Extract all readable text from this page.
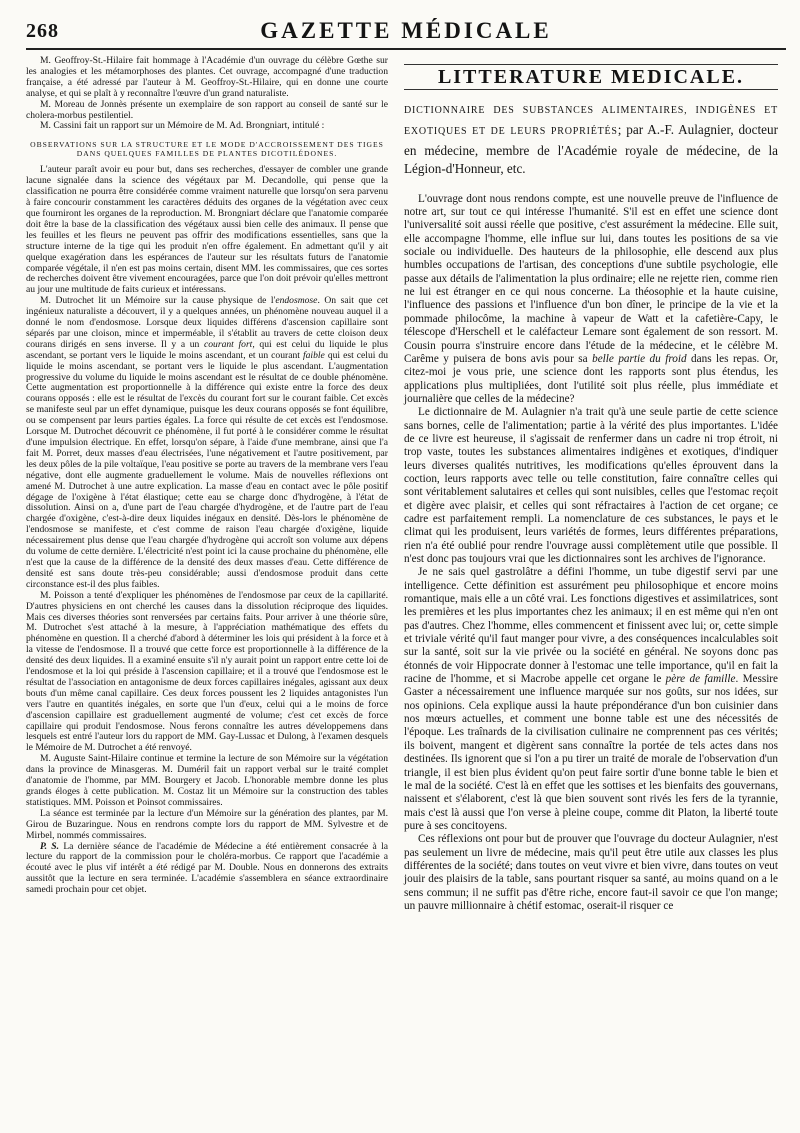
268	GAZETTE MÉDICALE

M. Geoffroy-St.-Hilaire fait hommage à l'Académie d'un ouvrage du célèbre Gœthe sur les analogies et les métamorphoses des plantes. Cet ouvrage, accompagné d'une traduction française, a été adressé par l'auteur à M. Geoffroy-St.-Hilaire, qui en donne une courte analyse, et qui se plaît à y reconnaître l'œuvre d'un grand naturaliste.

M. Moreau de Jonnès présente un exemplaire de son rapport au conseil de santé sur le cholera-morbus pestilentiel.

M. Cassini fait un rapport sur un Mémoire de M. Ad. Brongniart, intitulé :

OBSERVATIONS SUR LA STRUCTURE ET LE MODE D'ACCROISSEMENT DES TIGES DANS QUELQUES FAMILLES DE PLANTES DICOTILÉDONES.

L'auteur paraît avoir eu pour but, dans ses recherches, d'essayer de combler une grande lacune signalée dans la science des végétaux par M. Decandolle, qui pense que la classification ne pourra être considérée comme vraiment naturelle que lorsqu'on sera parvenu à faire concourir constamment les caractères déduits des organes de la végétation avec ceux que fourniront les organes de la reproduction. M. Brongniart déclare que l'anatomie comparée doit être la base de la classification des végétaux aussi bien celle des animaux. Il pense que les feuilles et les fleurs ne peuvent pas offrir des modifications essentielles, sans que la structure interne de la tige qui les produit n'en offre également. En admettant qu'il y ait quelque exagération dans les espérances de l'auteur sur les résultats futurs de l'anatomie comparée végétale, il n'en est pas moins certain, disent MM. les commissaires, que ces sortes de recherches doivent être vivement encouragées, parce que l'on doit prévoir qu'elles mettront au jour une multitude de faits curieux et intéressans.

M. Dutrochet lit un Mémoire sur la cause physique de l'endosmose. On sait que cet ingénieux naturaliste a découvert, il y a quelques années, un phénomène nouveau auquel il a donné le nom d'endosmose. Lorsque deux liquides différens d'ascension capillaire sont séparés par une cloison, mince et imperméable, il s'établit au travers de cette cloison deux courans dirigés en sens inverse. Il y a un courant fort, qui est celui du liquide le plus ascendant, se portant vers le liquide le moins ascendant, et un courant faible qui est celui du liquide le moins ascendant, se portant vers le liquide le plus ascendant. L'augmentation progressive du volume du liquide le moins ascendant est le résultat de ce double phénomène. Cette augmentation est proportionnelle à la différence qui existe entre la force des deux courans opposés : elle est le résultat de l'excès du courant fort sur le courant faible. Cet excès se manifeste seul par un effet dynamique, puisque les deux courans opposés se font équilibre, ou se compensent par leurs parties égales. La force qui résulte de cet excès est l'endosmose. Lorsque M. Dutrochet découvrit ce phénomène, il fut porté à le considérer comme le résultat d'une impulsion électrique. En effet, lorsqu'on sépare, à l'aide d'une membrane, ainsi que l'a fait M. Porret, deux masses d'eau électrisées, l'une négativement et l'autre positivement, par les deux pôles de la pile voltaïque, l'eau positive se porte au travers de la membrane vers l'eau négative, dont elle augmente graduellement le volume. Mais de nouvelles réflexions ont amené M. Dutrochet à une autre explication. La masse d'eau en contact avec le pôle positif dégage de l'oxigène à l'état élastique; cette eau se charge donc d'hydrogène, à l'état de dissolution. Ainsi on a, d'une part de l'eau chargée d'hydrogène, et de l'autre part de l'eau chargée d'oxigène, c'est-à-dire deux liquides inégaux en densité. Dès-lors le phénomène de l'endosmose se manifeste, et c'est comme de raison l'eau chargée d'oxigène, liquide nécessairement plus dense que l'eau chargée d'hydrogène qui accroît son volume aux dépens du volume de cette dernière. L'électricité n'est point ici la cause prochaine du phénomène, elle n'est que la cause de la différence de la densité des deux masses d'eau. Cette différence de densité est sans doute très-peu considérable; aussi d'endosmose produit dans cette circonstance est-il des plus faibles.

M. Poisson a tenté d'expliquer les phénomènes de l'endosmose par ceux de la capillarité. D'autres physiciens en ont cherché les causes dans la dissolution réciproque des liquides. Mais ces diverses théories sont renversées par certains faits. Pour arriver à une théorie sûre, M. Dutrochet s'est attaché à la mesure, à l'appréciation mathématique des effets du phénomène en question. Il a cherché d'abord à déterminer les lois qui président à la force et à la vitesse de l'endosmose. Il a trouvé que cette force est proportionnelle à la différence de la densité des deux liquides. Il a examiné ensuite s'il n'y aurait point un rapport entre cette loi de l'endosmose et la loi qui préside à l'ascension capillaire; et il a trouvé que l'endosmose est le résultat de l'association en antagonisme de deux forces capillaires inégales, agissant aux deux bouts d'un même canal capillaire. Ces deux forces poussent les 2 liquides antagonistes l'un vers l'autre en quantités inégales, en sorte que l'un d'eux, celui qui a le moins de force d'ascension capillaire est graduellement augmenté de volume; c'est cet excès de force capillaire qui produit l'endosmose. Nous ferons connaître les autres développemens dans lesquels est entré l'auteur lors du rapport de MM. Gay-Lussac et Dulong, à l'examen desquels le Mémoire de M. Dutrochet a été renvoyé.

M. Auguste Saint-Hilaire continue et termine la lecture de son Mémoire sur la végétation dans la province de Minasgeras. M. Duméril fait un rapport verbal sur le traité complet d'anatomie de l'homme, par MM. Bourgery et Jacob. L'honorable membre donne les plus grands éloges à cette publication. M. Costaz lit un Mémoire sur la construction des tables statistiques. MM. Poisson et Poinsot commissaires.

La séance est terminée par la lecture d'un Mémoire sur la génération des plantes, par M. Girou de Buzaringue. Nous en rendrons compte lors du rapport de MM. Sylvestre et de Mirbel, nommés commissaires.

P. S. La dernière séance de l'académie de Médecine a été entièrement consacrée à la lecture du rapport de la commission pour le choléra-morbus. Ce rapport que l'académie a écouté avec le plus vif intérêt a été rédigé par M. Double. Nous en donnerons des extraits aussitôt que la lecture en sera terminée. L'académie s'assemblera en séance extraordinaire samedi prochain pour cet objet.

LITTERATURE MEDICALE.

DICTIONNAIRE DES SUBSTANCES ALIMENTAIRES, INDIGÈNES ET EXOTIQUES ET DE LEURS PROPRIÉTÉS; par A.-F. Aulagnier, docteur en médecine, membre de l'Académie royale de médecine, de la Légion-d'Honneur, etc.

L'ouvrage dont nous rendons compte, est une nouvelle preuve de l'influence de notre art, sur tout ce qui intéresse l'humanité. S'il est en effet une science dont l'universalité soit aussi réelle que positive, c'est assurément la médecine. Elle suit, elle accompagne l'homme, elle influe sur lui, dans toutes les positions de sa vie sociale ou individuelle. Des hauteurs de la philosophie, elle descend aux plus humbles occupations de l'artisan, des conceptions d'une subtile psychologie, elle passe aux détails de l'alimentation la plus ordinaire; elle ne rejette rien, comme rien ne lui est étranger en ce qui nous concerne. La théosophie et la haute cuisine, l'influence des passions et l'influence d'un bon dîner, le principe de la vie et la pommade philocôme, la machine à vapeur de Watt et la cafetière-Capy, le télescope d'Herschell et le caléfacteur Lemare sont également de son ressort. M. Cousin pourra s'instruire encore dans l'étude de la médecine, et le célèbre M. Carême y puisera de bons avis pour sa belle partie du froid dans les repas. Or, citez-moi je vous prie, une science dont les rapports sont plus étendus, les applications plus multipliées, dont l'utilité soit plus réelle, plus immédiate et journalière que celles de la médecine?

Le dictionnaire de M. Aulagnier n'a trait qu'à une seule partie de cette science sans bornes, celle de l'alimentation; partie à la vérité des plus importantes. L'idée de ce livre est heureuse, il s'agissait de renfermer dans un cadre ni trop étroit, ni trop vaste, toutes les substances alimentaires indigènes et exotiques, d'indiquer leurs diverses qualités nutritives, les modifications qu'elles éprouvent dans la coction, leurs rapports avec telle ou telle constitution, faire connaître celles qui sont véritablement salutaires et celles qui sont nuisibles, celles que l'estomac reçoit et digère avec plaisir, et celles qui sont réfractaires à l'action de cet organe; ce cadre est parfaitement rempli. La nomenclature de ces substances, le pays et le climat qui les produisent, leurs variétés de formes, leurs différentes préparations, rien n'a été oublié pour rendre l'ouvrage aussi complètement utile que possible. Il n'est donc pas toujours vrai que les dictionnaires sont les archives de l'ignorance.

Je ne sais quel gastrolâtre a défini l'homme, un tube digestif servi par une intelligence. Cette définition est assurément peu philosophique et encore moins romantique, mais elle a un côté vrai. Les fonctions digestives et assimilatrices, sont les premières et les plus importantes chez les animaux; il en est même qui n'en ont pas d'autres. Chez l'homme, elles commencent et finissent avec lui; or, cette simple et triviale vérité qu'il faut manger pour vivre, a des conséquences incalculables soit sur la santé, soit sur la vie privée ou la société en général. Ne soyons donc pas étonnés de voir Hippocrate donner à l'estomac une telle importance, qu'il en fait la racine de l'homme, et si Macrobe appelle cet organe le père de famille. Messire Gaster a nécessairement une influence marquée sur nos goûts, sur nos idées, sur nos opinions. Cela explique aussi la haute prépondérance d'un bon cuisinier dans nos mœurs actuelles, et comment une bonne table est une des nécessités de l'époque. Les traînards de la civilisation culinaire ne comprennent pas ces vérités; ils boivent, mangent et digèrent sans connaître la portée de tels actes dans nos destinées. Ils ignorent que si l'on a pu tirer un traité de morale de l'observation d'un triangle, il est bien plus évident qu'on peut faire sortir d'une bonne table le bien et le mal de la société. C'est là en effet que les sottises et les bienfaits des gouvernans, naissent et s'élaborent, c'est là que bien souvent sont rivés les fers de la tyrannie, mais c'est là aussi que l'on verse à pleine coupe, comme dit Platon, la liberté toute pure à ses concitoyens.

Ces réflexions ont pour but de prouver que l'ouvrage du docteur Aulagnier, n'est pas seulement un livre de médecine, mais qu'il peut être utile aux classes les plus différentes de la société; dans toutes on veut vivre et bien vivre, dans toutes on veut jouir des plaisirs de la table, sans pourtant risquer sa santé, au moins quand on a le sens commun; il ne suffit pas d'être riche, encore faut-il savoir ce que l'on mange; un pauvre millionnaire à chétif estomac, oserait-il risquer ce
